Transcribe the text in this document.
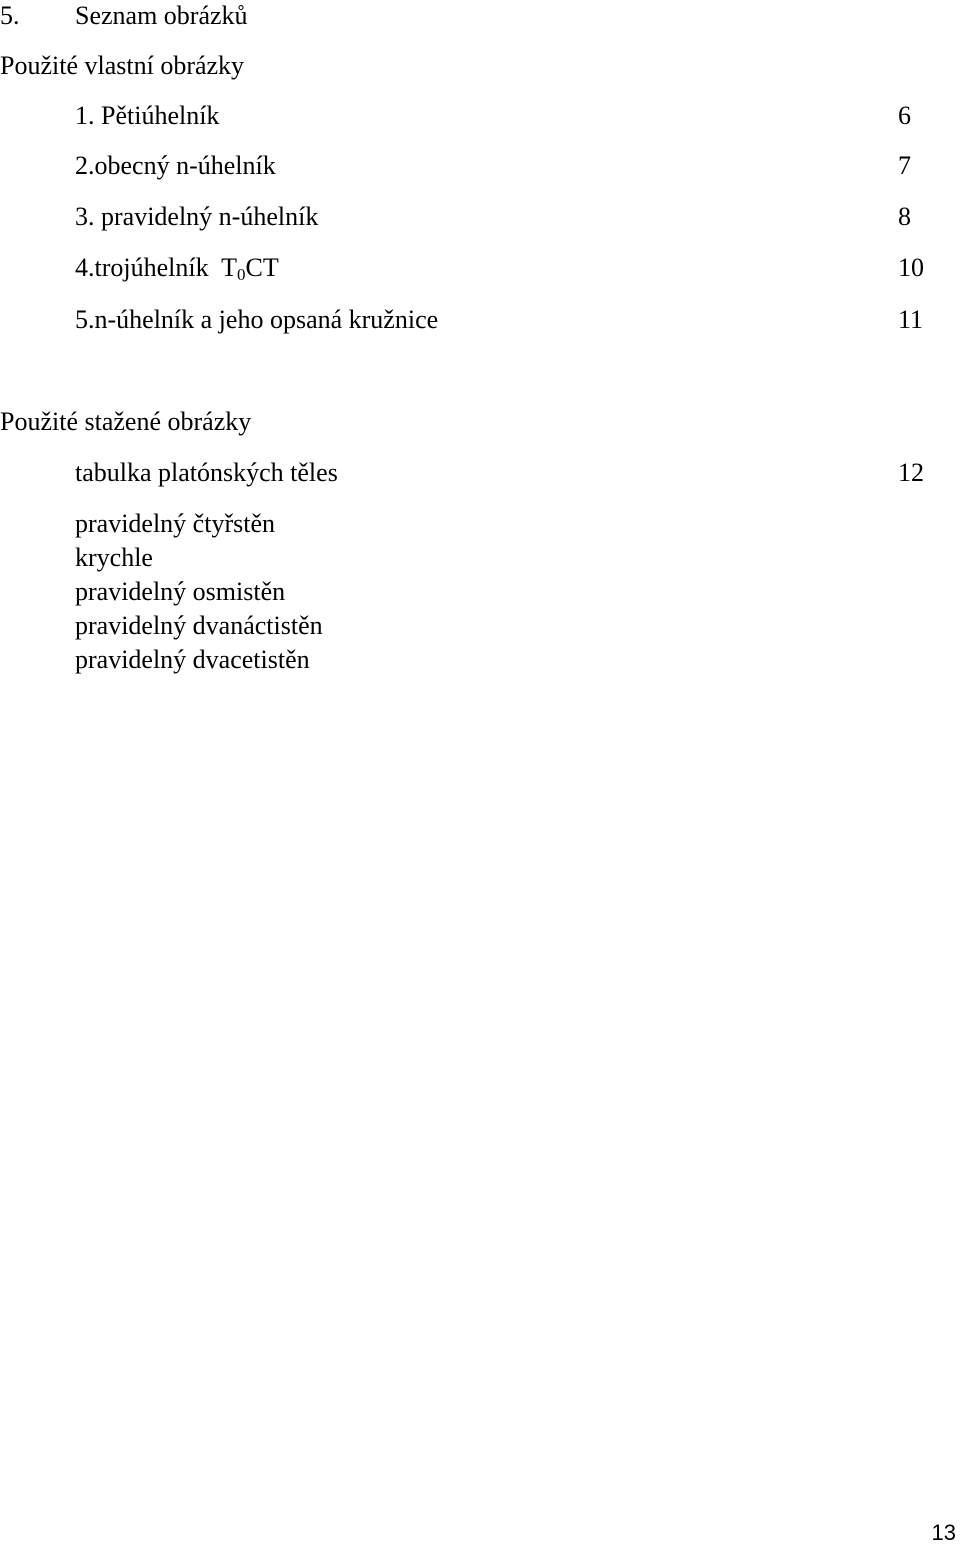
5. Seznam obrázků
Použité vlastní obrázky
1. Pětiúhelník	6
2.obecný n-úhelník	7
3. pravidelný n-úhelník	8
4.trojúhelník  $T_0CT$	10
5.n-úhelník a jeho opsaná kružnice	11
Použité stažené obrázky
tabulka platónských těles	12
pravidelný čtyřstěn
krychle
pravidelný osmistěn
pravidelný dvanáctistěn
pravidelný dvacetistěn
13
